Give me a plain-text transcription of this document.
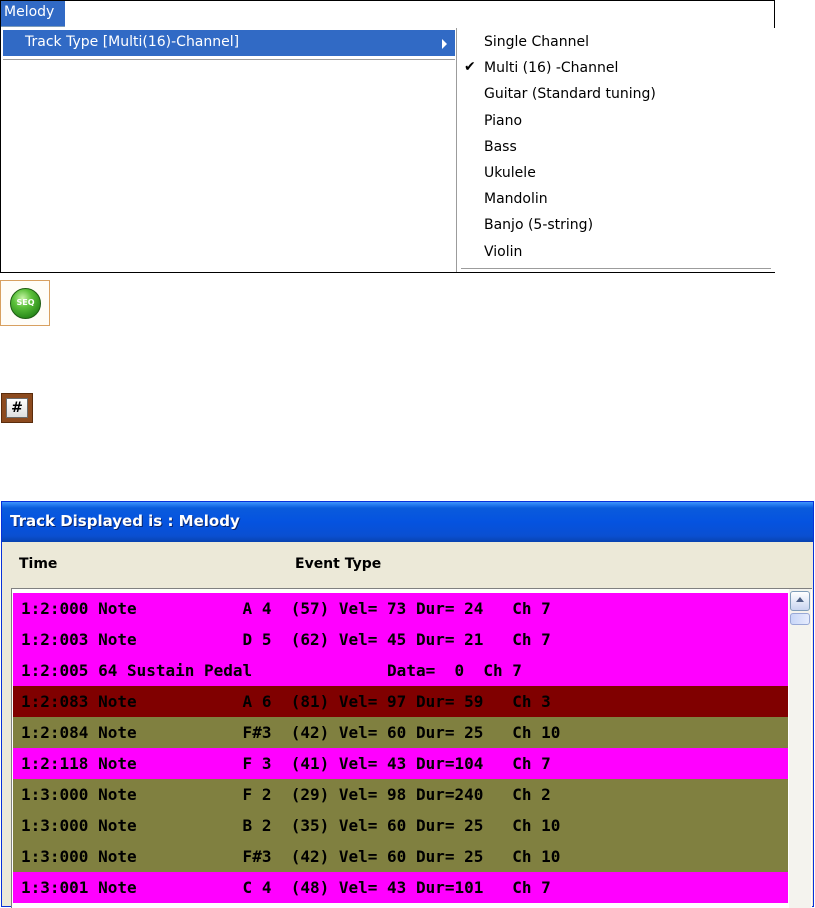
Melody
Track Type [Multi(16)-Channel]	Single Channel
✔ Multi (16) -Channel
Guitar (Standard tuning)
Piano
Bass
Ukulele
Mandolin
Banjo (5-string)
Violin
SEQ
#
Track Displayed is : Melody
Time	Event Type
1:2:000 Note           A 4  (57) Vel= 73 Dur= 24   Ch 7
1:2:003 Note           D 5  (62) Vel= 45 Dur= 21   Ch 7
1:2:005 64 Sustain Pedal              Data=  0  Ch 7
1:2:083 Note           A 6  (81) Vel= 97 Dur= 59   Ch 3
1:2:084 Note           F#3  (42) Vel= 60 Dur= 25   Ch 10
1:2:118 Note           F 3  (41) Vel= 43 Dur=104   Ch 7
1:3:000 Note           F 2  (29) Vel= 98 Dur=240   Ch 2
1:3:000 Note           B 2  (35) Vel= 60 Dur= 25   Ch 10
1:3:000 Note           F#3  (42) Vel= 60 Dur= 25   Ch 10
1:3:001 Note           C 4  (48) Vel= 43 Dur=101   Ch 7
